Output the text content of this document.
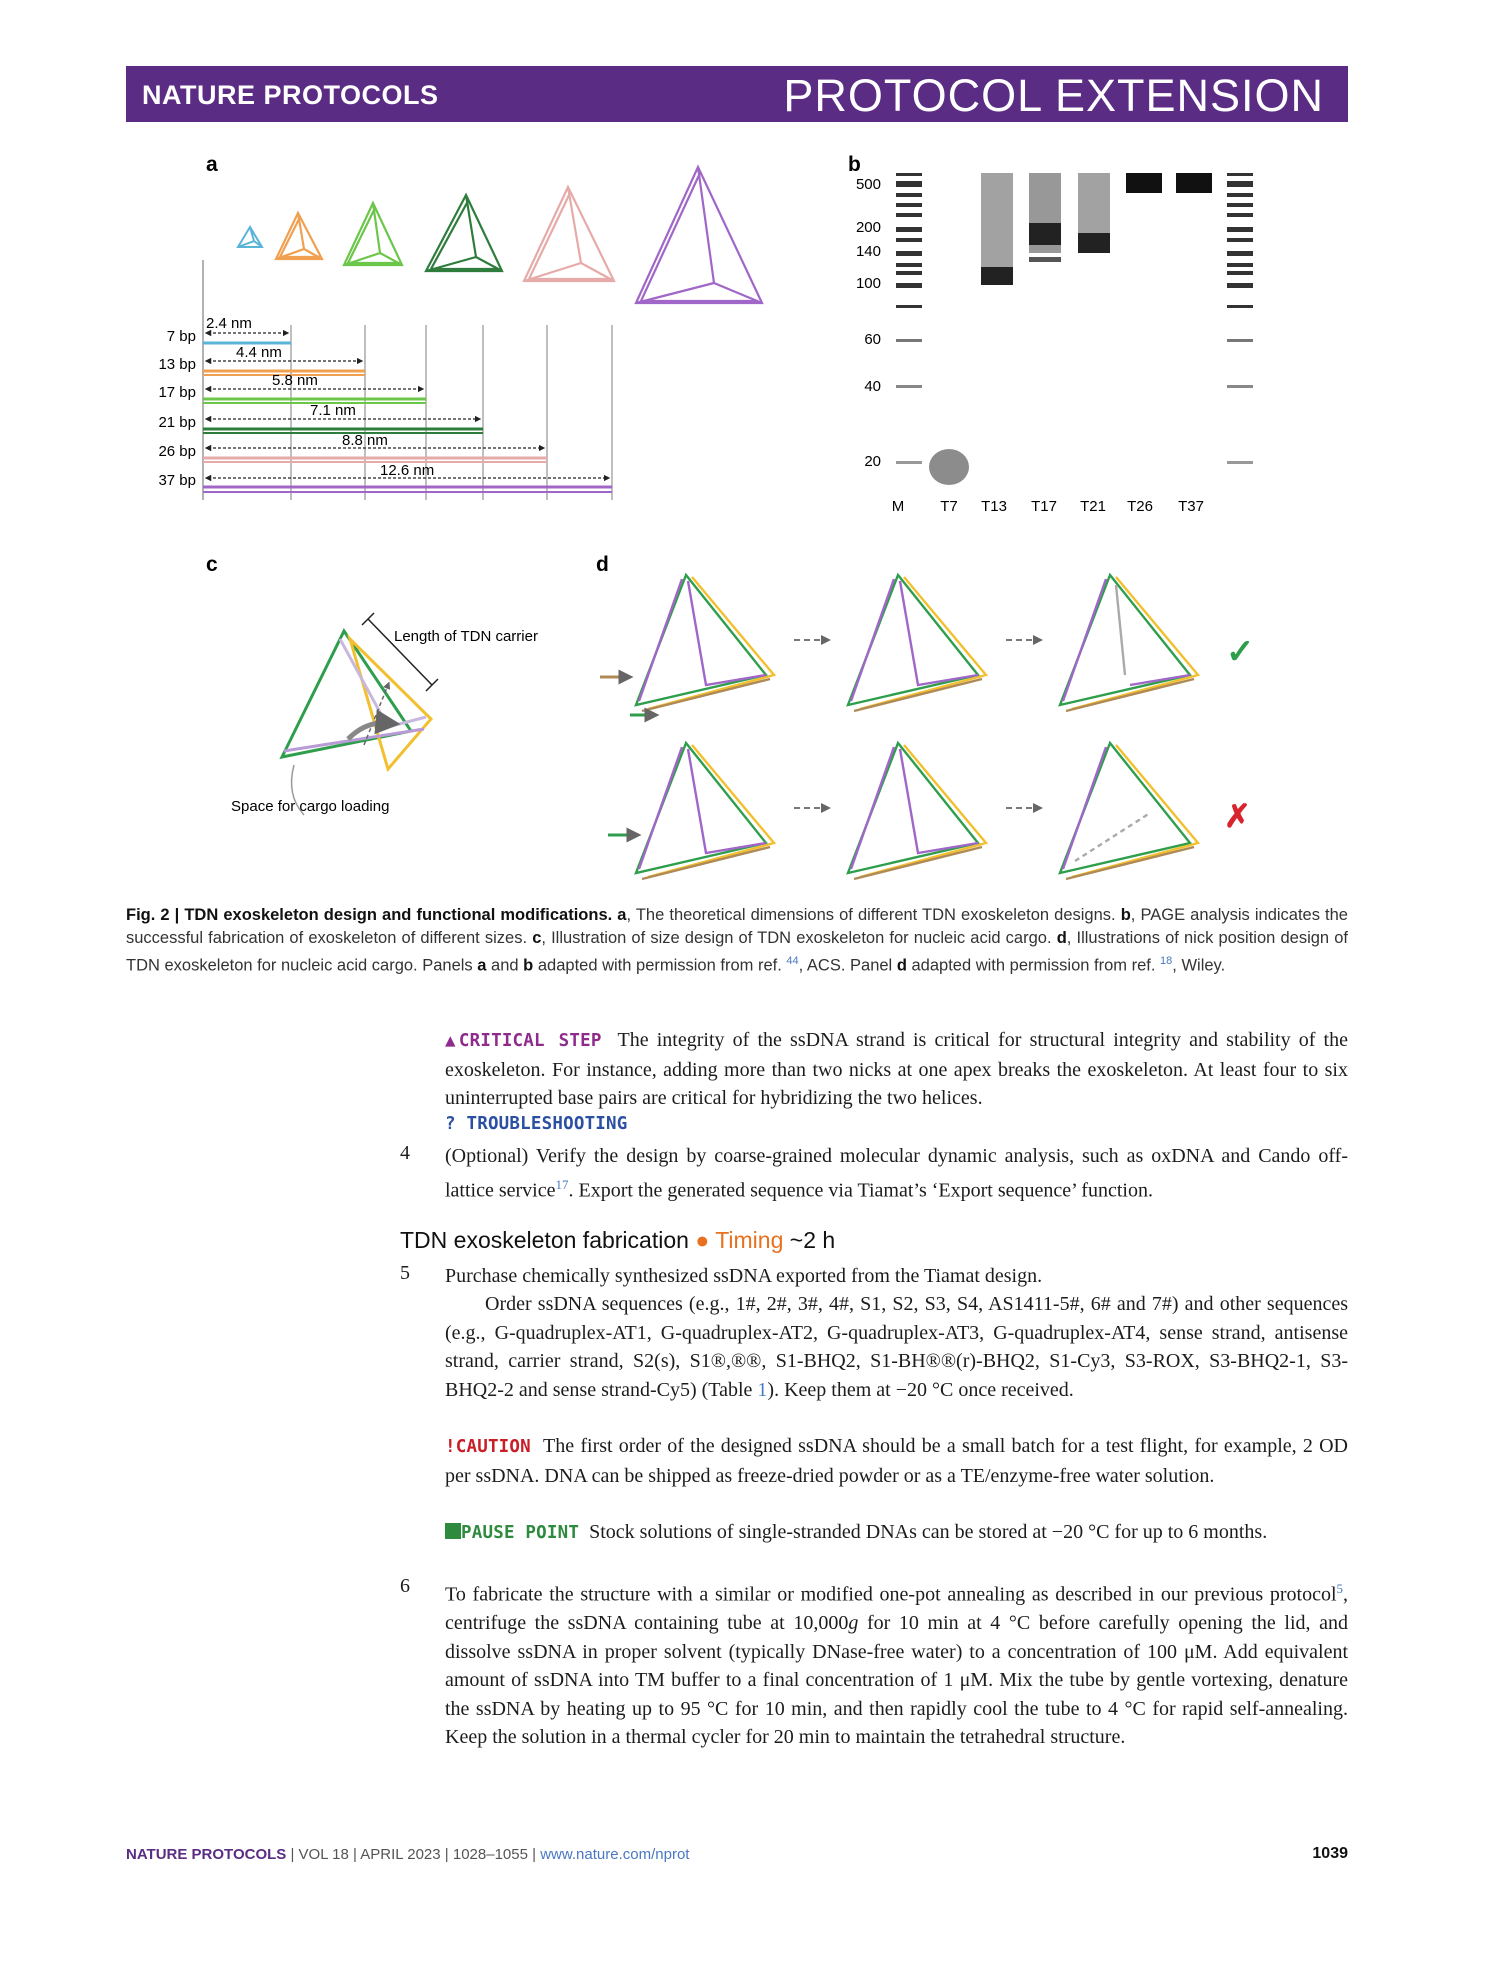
NATURE PROTOCOLS	PROTOCOL EXTENSION
a
7 bp
2.4 nm
13 bp
4.4 nm
17 bp
5.8 nm
21 bp
7.1 nm
26 bp
8.8 nm
37 bp
12.6 nm
b
500
200
140
100
60
40
20
M T7 T13 T17 T21 T26 T37
c
Length of TDN carrier
Space for cargo loading
d
✓
✗
Fig. 2 | TDN exoskeleton design and functional modifications. a, The theoretical dimensions of different TDN exoskeleton designs. b, PAGE analysis indicates the successful fabrication of exoskeleton of different sizes. c, Illustration of size design of TDN exoskeleton for nucleic acid cargo. d, Illustrations of nick position design of TDN exoskeleton for nucleic acid cargo. Panels a and b adapted with permission from ref. $^{44}$, ACS. Panel d adapted with permission from ref. $^{18}$, Wiley.
▲CRITICAL STEP The integrity of the ssDNA strand is critical for structural integrity and stability of the exoskeleton. For instance, adding more than two nicks at one apex breaks the exoskeleton. At least four to six uninterrupted base pairs are critical for hybridizing the two helices.
? TROUBLESHOOTING
4 (Optional) Verify the design by coarse-grained molecular dynamic analysis, such as oxDNA and Cando off-lattice service$^{17}$. Export the generated sequence via Tiamat’s ‘Export sequence’ function.
TDN exoskeleton fabrication ● Timing ~2 h
5 Purchase chemically synthesized ssDNA exported from the Tiamat design.
Order ssDNA sequences (e.g., 1#, 2#, 3#, 4#, S1, S2, S3, S4, AS1411-5#, 6# and 7#) and other sequences (e.g., G-quadruplex-AT1, G-quadruplex-AT2, G-quadruplex-AT3, G-quadruplex-AT4, sense strand, antisense strand, carrier strand, S2(s), S1®,®®, S1-BHQ2, S1-BH®®(r)-BHQ2, S1-Cy3, S3-ROX, S3-BHQ2-1, S3-BHQ2-2 and sense strand-Cy5) (Table 1). Keep them at −20 °C once received.
!CAUTION The first order of the designed ssDNA should be a small batch for a test flight, for example, 2 OD per ssDNA. DNA can be shipped as freeze-dried powder or as a TE/enzyme-free water solution.
PAUSE POINT Stock solutions of single-stranded DNAs can be stored at −20 °C for up to 6 months.
6 To fabricate the structure with a similar or modified one-pot annealing as described in our previous protocol$^5$, centrifuge the ssDNA containing tube at 10,000g for 10 min at 4 °C before carefully opening the lid, and dissolve ssDNA in proper solvent (typically DNase-free water) to a concentration of 100 μM. Add equivalent amount of ssDNA into TM buffer to a final concentration of 1 μM. Mix the tube by gentle vortexing, denature the ssDNA by heating up to 95 °C for 10 min, and then rapidly cool the tube to 4 °C for rapid self-annealing. Keep the solution in a thermal cycler for 20 min to maintain the tetrahedral structure.
NATURE PROTOCOLS | VOL 18 | APRIL 2023 | 1028–1055 | www.nature.com/nprot	1039
